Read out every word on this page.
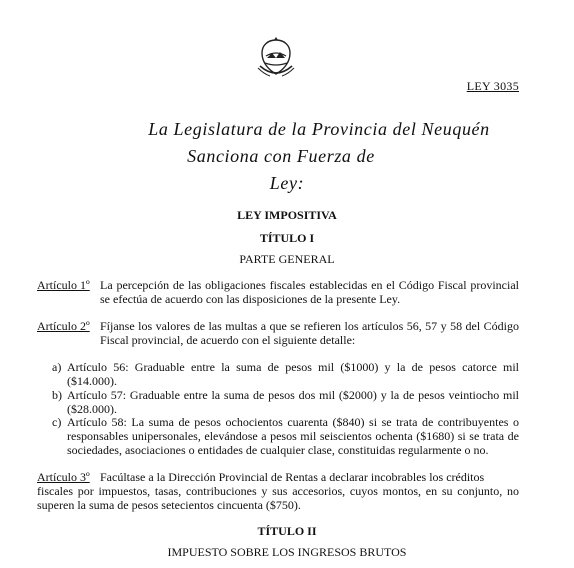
LEY 3035
La Legislatura de la Provincia del Neuquén
Sanciona con Fuerza de
Ley:
LEY IMPOSITIVA
TÍTULO I
PARTE GENERAL
Artículo 1º La percepción de las obligaciones fiscales establecidas en el Código Fiscal provincial se efectúa de acuerdo con las disposiciones de la presente Ley.
Artículo 2º Fíjanse los valores de las multas a que se refieren los artículos 56, 57 y 58 del Código Fiscal provincial, de acuerdo con el siguiente detalle:
a) Artículo 56: Graduable entre la suma de pesos mil ($1000) y la de pesos catorce mil ($14.000).
b) Artículo 57: Graduable entre la suma de pesos dos mil ($2000) y la de pesos veintiocho mil ($28.000).
c) Artículo 58: La suma de pesos ochocientos cuarenta ($840) si se trata de contribuyentes o responsables unipersonales, elevándose a pesos mil seiscientos ochenta ($1680) si se trata de sociedades, asociaciones o entidades de cualquier clase, constituidas regularmente o no.
Artículo 3º Facúltase a la Dirección Provincial de Rentas a declarar incobrables los créditos
fiscales por impuestos, tasas, contribuciones y sus accesorios, cuyos montos, en su conjunto, no superen la suma de pesos setecientos cincuenta ($750).
TÍTULO II
IMPUESTO SOBRE LOS INGRESOS BRUTOS
